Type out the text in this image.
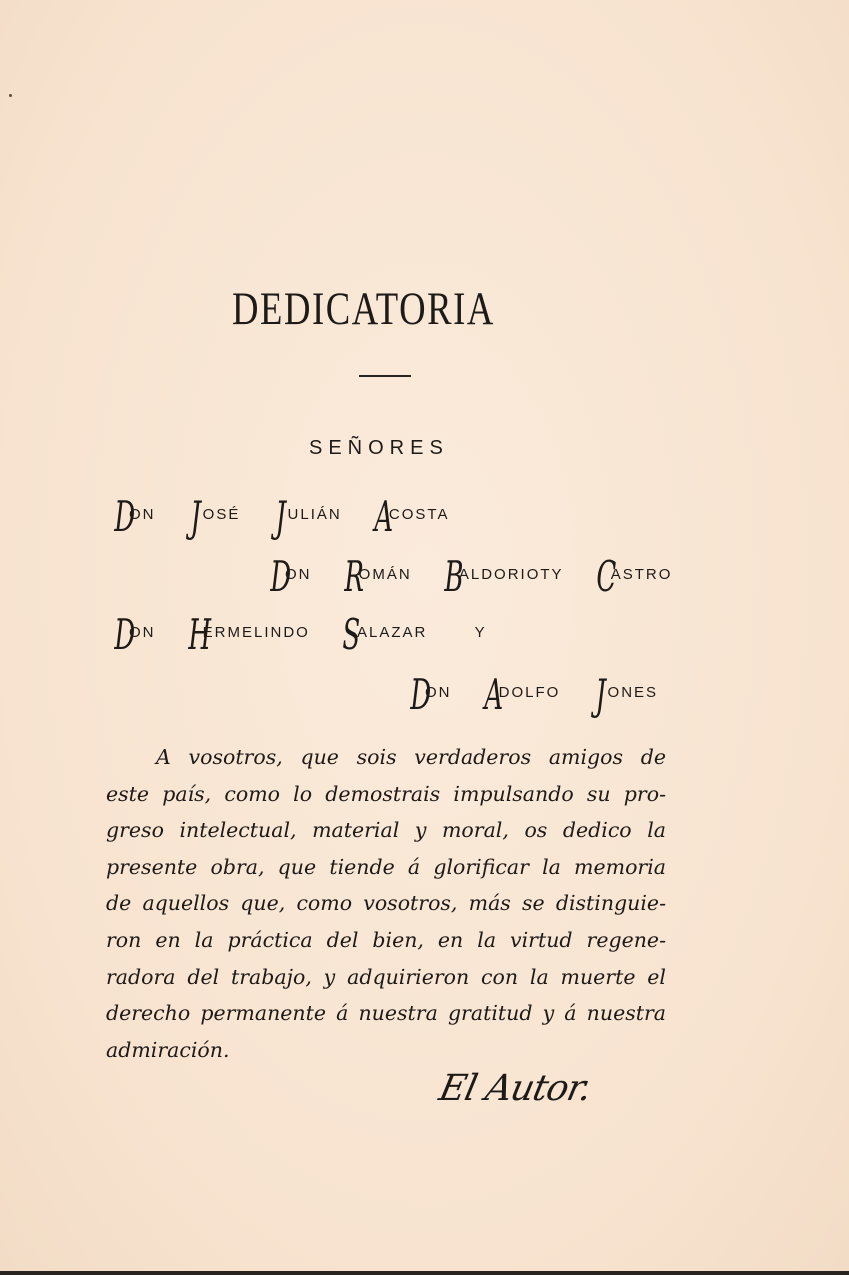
DEDICATORIA
SEÑORES
DON JOSÉ JULIÁN ACOSTA
DON ROMÁN BALDORIOTY CASTRO
DON HERMELINDO SALAZAR	Y
DON ADOLFO JONES
A vosotros, que sois verdaderos amigos de
este país, como lo demostrais impulsando su pro-
greso intelectual, material y moral, os dedico la
presente obra, que tiende á glorificar la memoria
de aquellos que, como vosotros, más se distinguie-
ron en la práctica del bien, en la virtud regene-
radora del trabajo, y adquirieron con la muerte el
derecho permanente á nuestra gratitud y á nuestra
admiración.
El Autor.
